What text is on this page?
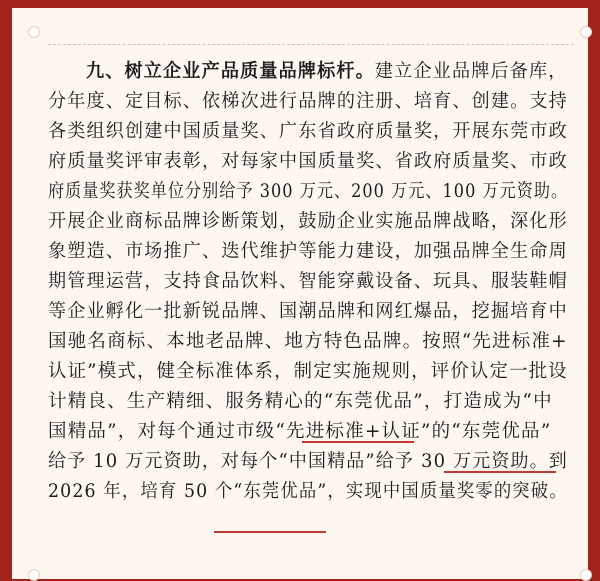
九、树立企业产品质量品牌标杆。建立企业品牌后备库，
分年度、定目标、依梯次进行品牌的注册、培育、创建。支持
各类组织创建中国质量奖、广东省政府质量奖，开展东莞市政
府质量奖评审表彰，对每家中国质量奖、省政府质量奖、市政
府质量奖获奖单位分别给予 300 万元、200 万元、100 万元资助。
开展企业商标品牌诊断策划，鼓励企业实施品牌战略，深化形
象塑造、市场推广、迭代维护等能力建设，加强品牌全生命周
期管理运营，支持食品饮料、智能穿戴设备、玩具、服装鞋帽
等企业孵化一批新锐品牌、国潮品牌和网红爆品，挖掘培育中
国驰名商标、本地老品牌、地方特色品牌。按照“先进标准+
认证”模式，健全标准体系，制定实施规则，评价认定一批设
计精良、生产精细、服务精心的“东莞优品”，打造成为“中
国精品”，对每个通过市级“先进标准+认证”的“东莞优品”
给予 10 万元资助，对每个“中国精品”给予 30 万元资助。到
2026 年，培育 50 个“东莞优品”，实现中国质量奖零的突破。
